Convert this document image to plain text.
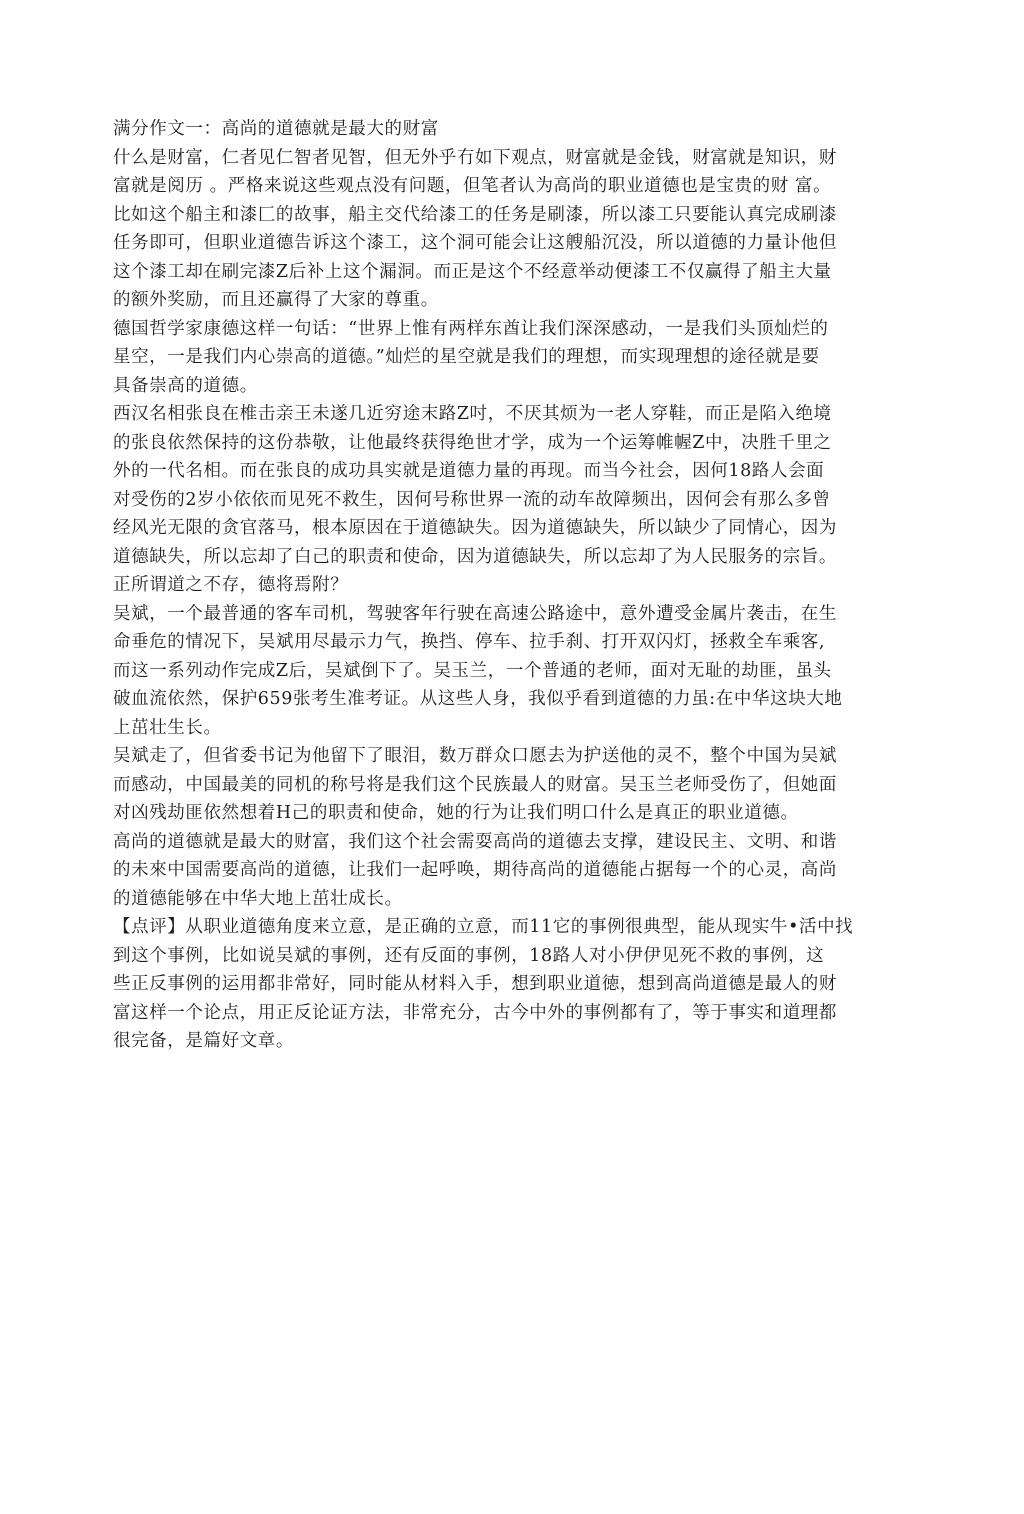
满分作文一：高尚的道德就是最大的财富
什么是财富，仁者见仁智者见智，但无外乎冇如下观点，财富就是金钱，财富就是知识，财
富就是阅历 。严格来说这些观点没有问题，但笔者认为高尚的职业道德也是宝贵的财 富。
比如这个船主和漆匚的故事，船主交代给漆工的任务是刷漆，所以漆工只要能认真完成刷漆
任务即可，但职业道德告诉这个漆工，这个洞可能会让这艘船沉没，所以道德的力量讣他但
这个漆工却在刷完漆Z后补上这个漏洞。而正是这个不经意举动便漆工不仅赢得了船主大量
的额外奖励，而且还赢得了大家的尊重。
德国哲学家康德这样一句话：“世界上惟有两样东酋让我们深深感动，一是我们头顶灿烂的
星空，一是我们内心崇高的道德。”灿烂的星空就是我们的理想，而实现理想的途径就是要
具备崇高的道德。
西汉名相张良在椎击亲王未遂几近穷途末路Z吋，不厌其烦为一老人穿鞋，而正是陷入绝境
的张良依然保持的这份恭敬，让他最终获得绝世才学，成为一个运筹帷幄Z中，决胜千里之
外的一代名相。而在张良的成功具实就是道德力量的再现。而当今社会，因何18路人会面
对受伤的2岁小依依而见死不救生，因何号称世界一流的动车故障频出，因何会有那么多曾
经风光无限的贪官落马，根本原因在于道德缺失。因为道德缺失，所以缺少了同情心，因为
道德缺失，所以忘却了白己的职责和使命，因为道德缺失，所以忘却了为人民服务的宗旨。
正所谓道之不存，德将焉附？
吴斌，一个最普通的客车司机，驾驶客年行驶在高速公路途中，意外遭受金属片袭击，在生
命垂危的情况下，吴斌用尽最示力气，换挡、停车、拉手刹、打开双闪灯，拯救全车乘客,
而这一系列动作完成Z后，吴斌倒下了。吴玉兰，一个普通的老师，面对无耻的劫匪，虽头
破血流依然，保护659张考生准考证。从这些人身，我似乎看到道德的力虽:在中华这块大地
上茁壮生长。
吴斌走了，但省委书记为他留下了眼泪，数万群众口愿去为护送他的灵不，整个中国为吴斌
而感动，中国最美的同机的称号将是我们这个民族最人的财富。吴玉兰老师受伤了，但她面
对凶残劫匪依然想着H己的职责和使命，她的行为让我们明口什么是真正的职业道德。
高尚的道德就是最大的财富，我们这个社会需耍高尚的道德去支撑，建设民主、文明、和谐
的未來中国需要高尚的道德，让我们一起呼唤，期待高尚的道德能占据每一个的心灵，高尚
的道德能够在中华大地上茁壮成长。
【点评】从职业道德角度来立意，是正确的立意，而11它的事例很典型，能从现实牛•活中找
到这个事例，比如说吴斌的事例，还有反面的事例，18路人对小伊伊见死不救的事例，这
些正反事例的运用都非常好，同时能从材料入手，想到职业道徳，想到高尚道德是最人的财
富这样一个论点，用正反论证方法，非常充分，古今中外的事例都有了，等于事实和道理都
很完备，是篇好文章。
